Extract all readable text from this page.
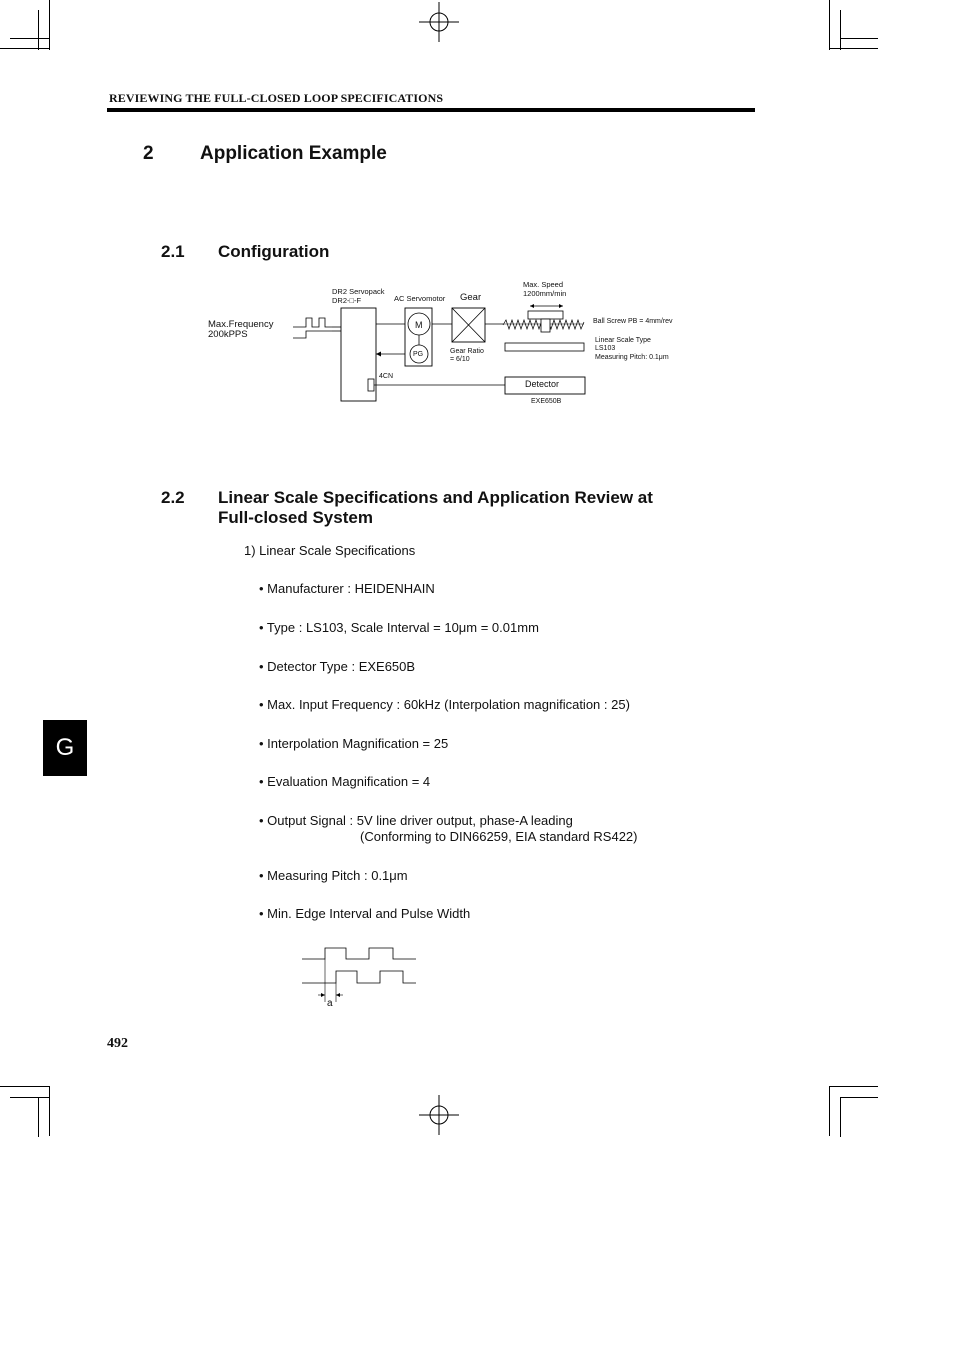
REVIEWING THE FULL-CLOSED LOOP SPECIFICATIONS
2 Application Example
2.1 Configuration
Max.Frequency
200kPPS
DR2 Servopack
DR2-□-F
4CN
AC Servomotor
M
PG
Gear
Gear Ratio
= 6/10
Max. Speed
1200mm/min
Ball Screw PB = 4mm/rev
Linear Scale Type
LS103
Measuring Pitch: 0.1μm
Detector
EXE650B
2.2 Linear Scale Specifications and Application Review at
Full-closed System
1) Linear Scale Specifications
• Manufacturer : HEIDENHAIN
• Type : LS103, Scale Interval = 10μm = 0.01mm
• Detector Type : EXE650B
• Max. Input Frequency : 60kHz (Interpolation magnification : 25)
• Interpolation Magnification = 25
• Evaluation Magnification = 4
• Output Signal : 5V line driver output, phase-A leading
(Conforming to DIN66259, EIA standard RS422)
• Measuring Pitch : 0.1μm
• Min. Edge Interval and Pulse Width
a
G
492
